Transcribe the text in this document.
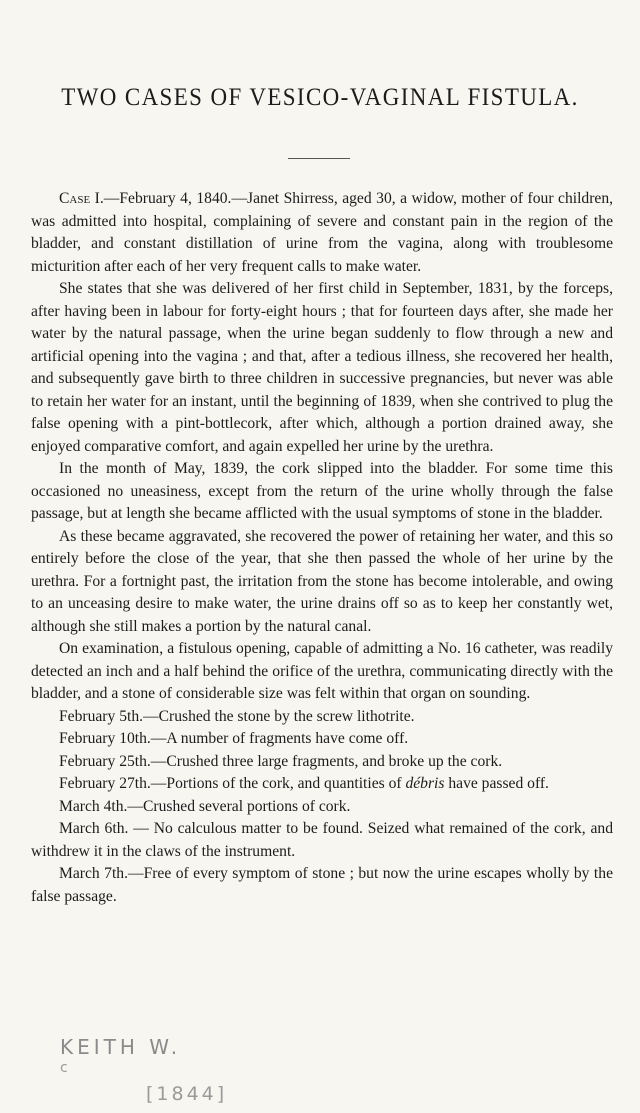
TWO CASES OF VESICO-VAGINAL FISTULA.

Case I.—February 4, 1840.—Janet Shirress, aged 30, a widow, mother of four children, was admitted into hospital, complaining of severe and constant pain in the region of the bladder, and constant distillation of urine from the vagina, along with troublesome micturition after each of her very frequent calls to make water.

She states that she was delivered of her first child in September, 1831, by the forceps, after having been in labour for forty-eight hours ; that for fourteen days after, she made her water by the natural passage, when the urine began suddenly to flow through a new and artificial opening into the vagina ; and that, after a tedious illness, she recovered her health, and subsequently gave birth to three children in successive pregnancies, but never was able to retain her water for an instant, until the beginning of 1839, when she contrived to plug the false opening with a pint-bottlecork, after which, although a portion drained away, she enjoyed comparative comfort, and again expelled her urine by the urethra.

In the month of May, 1839, the cork slipped into the bladder. For some time this occasioned no uneasiness, except from the return of the urine wholly through the false passage, but at length she became afflicted with the usual symptoms of stone in the bladder.

As these became aggravated, she recovered the power of retaining her water, and this so entirely before the close of the year, that she then passed the whole of her urine by the urethra. For a fortnight past, the irritation from the stone has become intolerable, and owing to an unceasing desire to make water, the urine drains off so as to keep her constantly wet, although she still makes a portion by the natural canal.

On examination, a fistulous opening, capable of admitting a No. 16 catheter, was readily detected an inch and a half behind the orifice of the urethra, communicating directly with the bladder, and a stone of considerable size was felt within that organ on sounding.

February 5th.—Crushed the stone by the screw lithotrite.

February 10th.—A number of fragments have come off.

February 25th.—Crushed three large fragments, and broke up the cork.

February 27th.—Portions of the cork, and quantities of débris have passed off.

March 4th.—Crushed several portions of cork.

March 6th. — No calculous matter to be found. Seized what remained of the cork, and withdrew it in the claws of the instrument.

March 7th.—Free of every symptom of stone ; but now the urine escapes wholly by the false passage.

KEITH W.
c
[1844]
